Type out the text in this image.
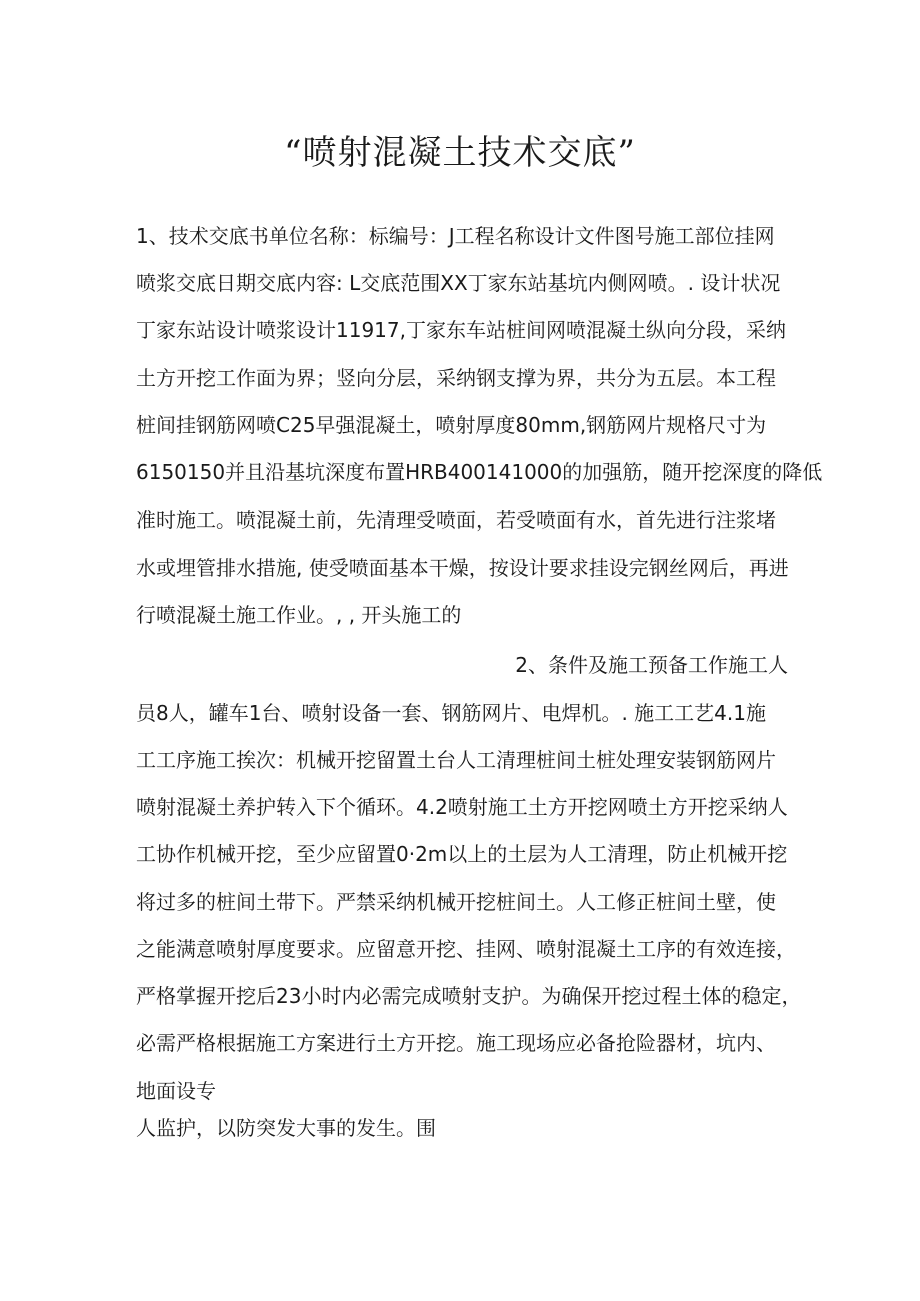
“喷射混凝土技术交底”

1、技术交底书单位名称：标编号：J工程名称设计文件图号施工部位挂网

喷浆交底日期交底内容: L交底范围XX丁家东站基坑内侧网喷。. 设计状况

丁家东站设计喷浆设计11917,丁家东车站桩间网喷混凝土纵向分段，采纳

土方开挖工作面为界；竖向分层，采纳钢支撑为界，共分为五层。本工程

桩间挂钢筋网喷C25早强混凝土，喷射厚度80mm,钢筋网片规格尺寸为

6150150并且沿基坑深度布置HRB400141000的加强筋，随开挖深度的降低

准时施工。喷混凝土前，先清理受喷面，若受喷面有水，首先进行注浆堵

水或埋管排水措施, 使受喷面基本干燥，按设计要求挂设完钢丝网后，再进

行喷混凝土施工作业。, , 开头施工的

2、条件及施工预备工作施工人

员8人，罐车1台、喷射设备一套、钢筋网片、电焊机。. 施工工艺4.1施

工工序施工挨次：机械开挖留置土台人工清理桩间土桩处理安装钢筋网片

喷射混凝土养护转入下个循环。4.2喷射施工土方开挖网喷土方开挖采纳人

工协作机械开挖，至少应留置0·2m以上的土层为人工清理，防止机械开挖

将过多的桩间土带下。严禁采纳机械开挖桩间土。人工修正桩间土壁，使

之能满意喷射厚度要求。应留意开挖、挂网、喷射混凝土工序的有效连接，

严格掌握开挖后23小时内必需完成喷射支护。为确保开挖过程土体的稳定，

必需严格根据施工方案进行土方开挖。施工现场应必备抢险器材，坑内、

地面设专

人监护，以防突发大事的发生。围
